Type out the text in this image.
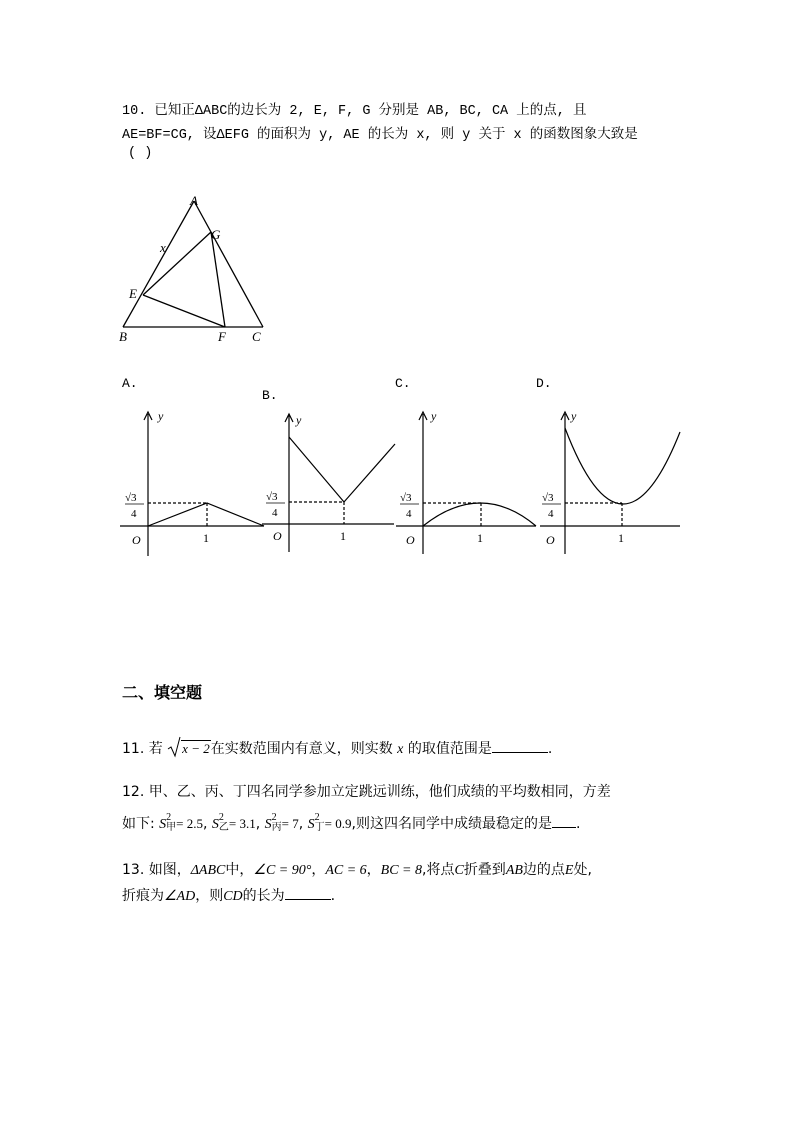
10. 已知正ΔABC的边长为 2, E, F, G 分别是 AB, BC, CA 上的点, 且
AE=BF=CG, 设ΔEFG 的面积为 y, AE 的长为 x, 则 y 关于 x 的函数图象大致是
( )
A
B	C
E
F
G
x
A.
B.
C.	D.
y
O	1
√3
4
y
O	1
√3
4
y
O	1
√3
4
y
O	1
√3
4
二、填空题
11. 若 x − 2在实数范围内有意义，则实数 x 的取值范围是	.
12. 甲、乙、丙、丁四名同学参加立定跳远训练，他们成绩的平均数相同，方差
如下: S 2
甲 = 2.5, S 2
乙 = 3.1, S 2
丙 = 7, S 2
丁 = 0.9,则这四名同学中成绩最稳定的是 .
13. 如图，ΔABC中，∠C = 90°，AC = 6，BC = 8,将点C折叠到AB边的点E处,
折痕为∠AD，则CD的长为	.
